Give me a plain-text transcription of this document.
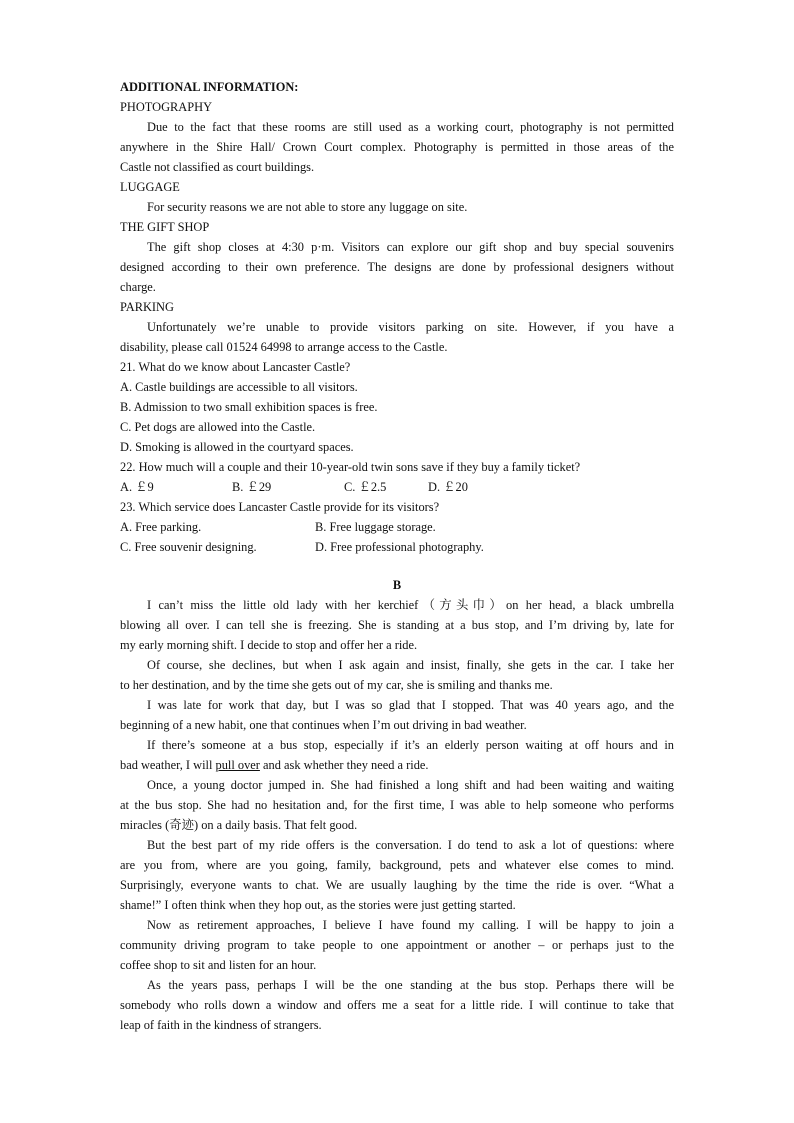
ADDITIONAL INFORMATION:
PHOTOGRAPHY
Due to the fact that these rooms are still used as a working court, photography is not permitted
anywhere in the Shire Hall/ Crown Court complex. Photography is permitted in those areas of the
Castle not classified as court buildings.
LUGGAGE
For security reasons we are not able to store any luggage on site.
THE GIFT SHOP
The gift shop closes at 4:30 p·m. Visitors can explore our gift shop and buy special souvenirs
designed according to their own preference. The designs are done by professional designers without
charge.
PARKING
Unfortunately we’re unable to provide visitors parking on site. However, if you have a
disability, please call 01524 64998 to arrange access to the Castle.
21. What do we know about Lancaster Castle?
A. Castle buildings are accessible to all visitors.
B. Admission to two small exhibition spaces is free.
C. Pet dogs are allowed into the Castle.
D. Smoking is allowed in the courtyard spaces.
22. How much will a couple and their 10-year-old twin sons save if they buy a family ticket?
A. ￡9	B. ￡29	C. ￡2.5	D. ￡20
23. Which service does Lancaster Castle provide for its visitors?
A. Free parking.	B. Free luggage storage.
C. Free souvenir designing.	D. Free professional photography.
B
I can’t miss the little old lady with her kerchief（方头巾）on her head, a black umbrella
blowing all over. I can tell she is freezing. She is standing at a bus stop, and I’m driving by, late for
my early morning shift. I decide to stop and offer her a ride.
Of course, she declines, but when I ask again and insist, finally, she gets in the car. I take her
to her destination, and by the time she gets out of my car, she is smiling and thanks me.
I was late for work that day, but I was so glad that I stopped. That was 40 years ago, and the
beginning of a new habit, one that continues when I’m out driving in bad weather.
If there’s someone at a bus stop, especially if it’s an elderly person waiting at off hours and in
bad weather, I will pull over and ask whether they need a ride.
Once, a young doctor jumped in. She had finished a long shift and had been waiting and waiting
at the bus stop. She had no hesitation and, for the first time, I was able to help someone who performs
miracles (奇迹) on a daily basis. That felt good.
But the best part of my ride offers is the conversation. I do tend to ask a lot of questions: where
are you from, where are you going, family, background, pets and whatever else comes to mind.
Surprisingly, everyone wants to chat. We are usually laughing by the time the ride is over. “What a
shame!” I often think when they hop out, as the stories were just getting started.
Now as retirement approaches, I believe I have found my calling. I will be happy to join a
community driving program to take people to one appointment or another – or perhaps just to the
coffee shop to sit and listen for an hour.
As the years pass, perhaps I will be the one standing at the bus stop. Perhaps there will be
somebody who rolls down a window and offers me a seat for a little ride. I will continue to take that
leap of faith in the kindness of strangers.
